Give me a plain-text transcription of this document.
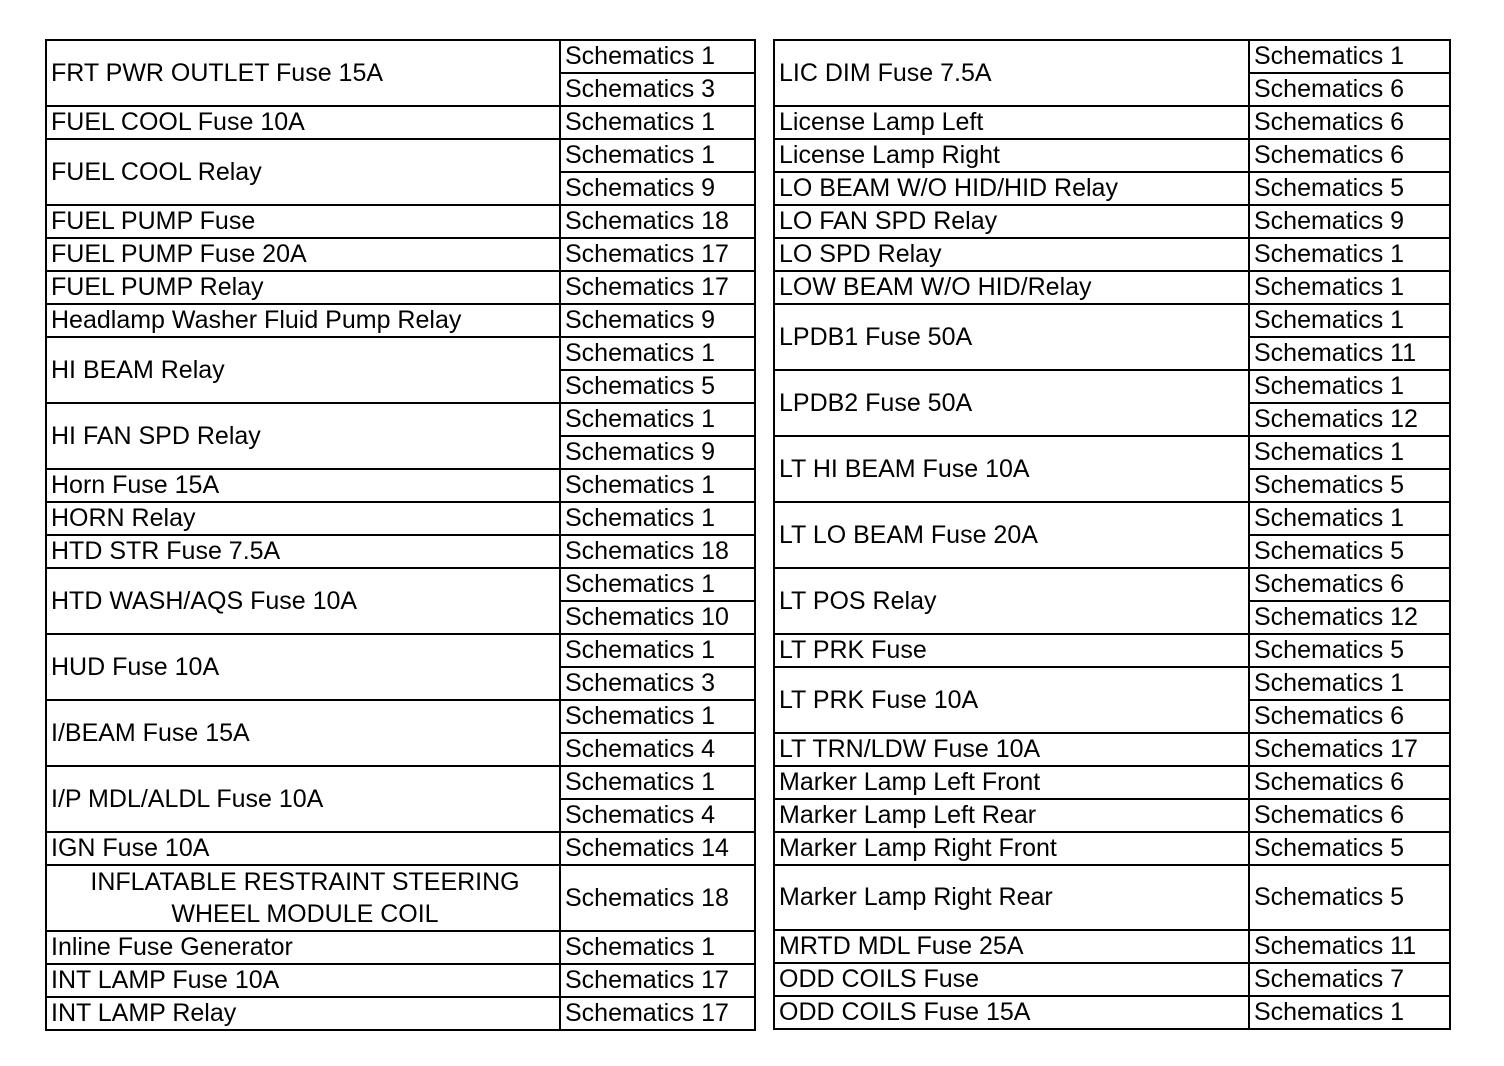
FRT PWR OUTLET Fuse 15A	Schematics 1
	Schematics 3
FUEL COOL Fuse 10A	Schematics 1
FUEL COOL Relay	Schematics 1
	Schematics 9
FUEL PUMP Fuse	Schematics 18
FUEL PUMP Fuse 20A	Schematics 17
FUEL PUMP Relay	Schematics 17
Headlamp Washer Fluid Pump Relay	Schematics 9
HI BEAM Relay	Schematics 1
	Schematics 5
HI FAN SPD Relay	Schematics 1
	Schematics 9
Horn Fuse 15A	Schematics 1
HORN Relay	Schematics 1
HTD STR Fuse 7.5A	Schematics 18
HTD WASH/AQS Fuse 10A	Schematics 1
	Schematics 10
HUD Fuse 10A	Schematics 1
	Schematics 3
I/BEAM Fuse 15A	Schematics 1
	Schematics 4
I/P MDL/ALDL Fuse 10A	Schematics 1
	Schematics 4
IGN Fuse 10A	Schematics 14

INFLATABLE RESTRAINT STEERING
WHEEL MODULE COIL	Schematics 18
Inline Fuse Generator	Schematics 1
INT LAMP Fuse 10A	Schematics 17
INT LAMP Relay	Schematics 17
LIC DIM Fuse 7.5A	Schematics 1
	Schematics 6
License Lamp Left	Schematics 6
License Lamp Right	Schematics 6
LO BEAM W/O HID/HID Relay	Schematics 5
LO FAN SPD Relay	Schematics 9
LO SPD Relay	Schematics 1
LOW BEAM W/O HID/Relay	Schematics 1
LPDB1 Fuse 50A	Schematics 1
	Schematics 11
LPDB2 Fuse 50A	Schematics 1
	Schematics 12
LT HI BEAM Fuse 10A	Schematics 1
	Schematics 5
LT LO BEAM Fuse 20A	Schematics 1
	Schematics 5
LT POS Relay	Schematics 6
	Schematics 12
LT PRK Fuse	Schematics 5
LT PRK Fuse 10A	Schematics 1
	Schematics 6
LT TRN/LDW Fuse 10A	Schematics 17
Marker Lamp Left Front	Schematics 6
Marker Lamp Left Rear	Schematics 6
Marker Lamp Right Front	Schematics 5
Marker Lamp Right Rear	Schematics 5
MRTD MDL Fuse 25A	Schematics 11
ODD COILS Fuse	Schematics 7
ODD COILS Fuse 15A	Schematics 1
